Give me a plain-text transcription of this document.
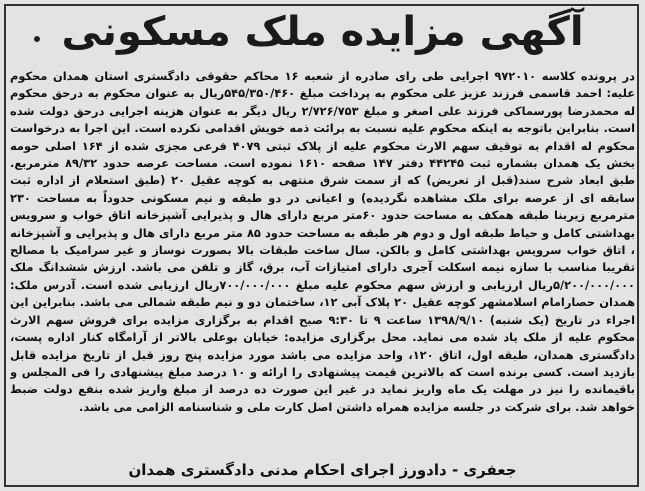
آگهی مزایده ملک مسکونی
در پرونده کلاسه ۹۷۲۰۱۰ اجرایی طی رای صادره از شعبه ۱۶ محاکم حقوقی دادگستری استان همدان محکوم علیه: احمد قاسمی فرزند عزیز علی محکوم به پرداخت مبلغ ۵۴۵/۳۵۰/۴۶۰ریال به عنوان محکوم به درحق محکوم له محمدرضا پورسماکی فرزند علی اصغر و مبلغ ۲/۷۲۶/۷۵۳ ریال دیگر به عنوان هزینه اجرایی درحق دولت شده است. بنابراین باتوجه به اینکه محکوم علیه نسبت به برائت ذمه خویش اقدامی نکرده است. این اجرا به درخواست محکوم له اقدام به توقیف سهم الارث محکوم علیه از پلاک ثبتی ۴۰۷۹ فرعی مجزی شده از ۱۶۴ اصلی حومه بخش یک همدان بشماره ثبت ۴۴۲۴۵ دفتر ۱۴۷ صفحه ۱۶۱۰ نموده است. مساحت عرصه حدود ۸۹/۳۲ مترمربع. طبق ابعاد شرح سند(قبل از تعریض) که از سمت شرق منتهی به کوچه عقیل ۲۰ (طبق استعلام از اداره ثبت سابقه ای از عرصه برای ملک مشاهده نگردیده) و اعیانی در دو طبقه و نیم مسکونی حدوداً به مساحت ۲۳۰ مترمربع زیربنا طبقه همکف به مساحت حدود ۶۰متر مربع دارای هال و پذیرایی آشپزخانه اتاق خواب و سرویس بهداشتی کامل و حیاط طبقه اول و دوم هر طبقه به مساحت حدود ۸۵ متر مربع دارای هال و پذیرایی و آشپزخانه ، اتاق خواب سرویس بهداشتی کامل و بالکن. سال ساخت طبقات بالا بصورت نوساز و غیر سرامیک با مصالح تقریبا مناسب با سازه نیمه اسکلت آجری دارای امتیازات آب، برق، گاز و تلفن می باشد. ارزش ششدانگ ملک ۵/۲۰۰/۰۰۰/۰۰۰ریال ارزیابی و ارزش سهم محکوم علیه مبلغ ۷۰۰/۰۰۰/۰۰۰ریال ارزیابی شده است. آدرس ملک: همدان حصارامام اسلامشهر کوچه عقیل ۲۰ پلاک آبی ۱۲، ساختمان دو و نیم طبقه شمالی می باشد. بنابراین این اجراء در تاریخ (یک شنبه) ۱۳۹۸/۹/۱۰ ساعت ۹ تا ۹:۳۰ صبح اقدام به برگزاری مزایده برای فروش سهم الارث محکوم علیه از ملک یاد شده می نماید. محل برگزاری مزایده: خیابان بوعلی بالاتر از آرامگاه کنار اداره پست، دادگستری همدان، طبقه اول، اتاق ۱۲۰، واحد مزایده می باشد مورد مزایده پنج روز قبل از تاریخ مزایده قابل بازدید است. کسی برنده است که بالاترین قیمت پیشنهادی را ارائه و ۱۰ درصد مبلغ پیشنهادی را فی المجلس و باقیمانده را نیز در مهلت یک ماه واریز نماید در غیر این صورت ده درصد از مبلغ واریز شده بنفع دولت ضبط خواهد شد. برای شرکت در جلسه مزایده همراه داشتن اصل کارت ملی و شناسنامه الزامی می باشد.
جعفری - دادورز اجرای احکام مدنی دادگستری همدان
